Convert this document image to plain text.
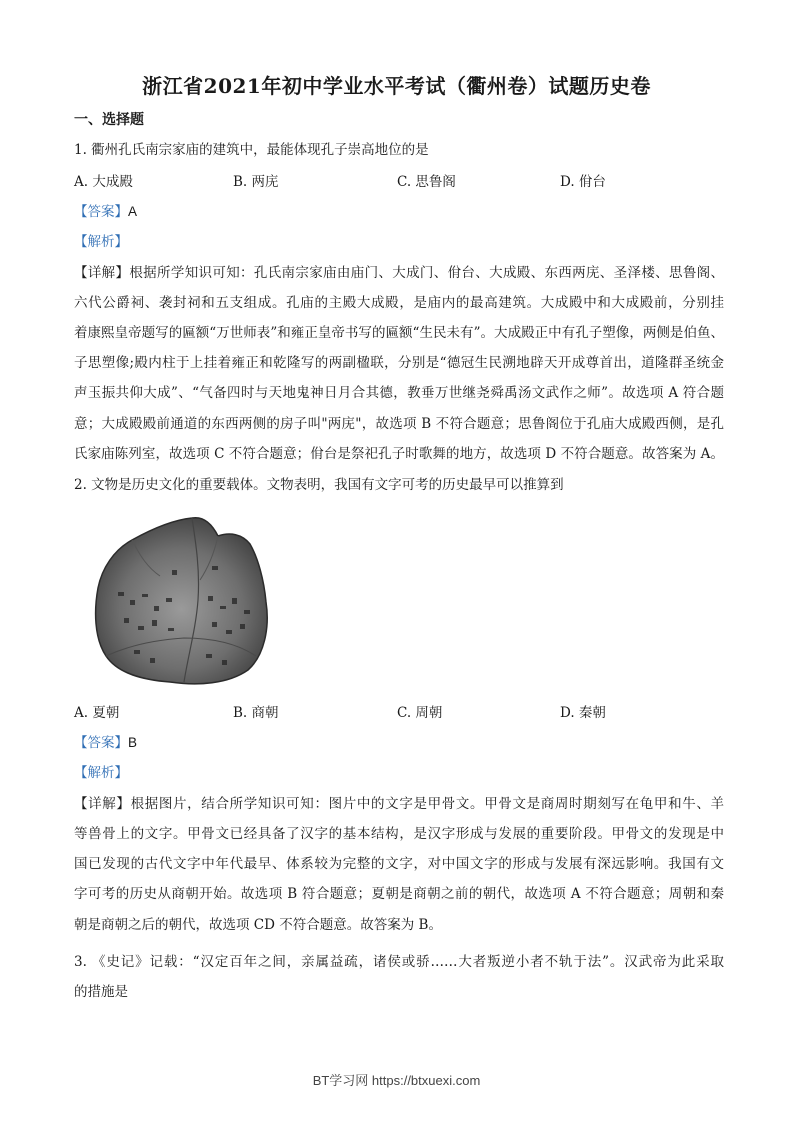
浙江省2021年初中学业水平考试（衢州卷）试题历史卷
一、选择题
1. 衢州孔氏南宗家庙的建筑中，最能体现孔子崇高地位的是
A. 大成殿	B. 两庑	C. 思鲁阁	D. 佾台
【答案】A
【解析】
【详解】根据所学知识可知：孔氏南宗家庙由庙门、大成门、佾台、大成殿、东西两庑、圣泽楼、思鲁阁、
六代公爵祠、袭封祠和五支组成。孔庙的主殿大成殿，是庙内的最高建筑。大成殿中和大成殿前，分别挂
着康熙皇帝题写的匾额“万世师表”和雍正皇帝书写的匾额“生民未有”。大成殿正中有孔子塑像，两侧是伯鱼、
子思塑像;殿内柱于上挂着雍正和乾隆写的两副楹联，分别是“德冠生民溯地辟天开成尊首出，道隆群圣统金
声玉振共仰大成”、“气备四时与天地鬼神日月合其德，教垂万世继尧舜禹汤文武作之师”。故选项 A 符合题
意；大成殿殿前通道的东西两侧的房子叫"两庑"，故选项 B 不符合题意；思鲁阁位于孔庙大成殿西侧，是孔
氏家庙陈列室，故选项 C 不符合题意；佾台是祭祀孔子时歌舞的地方，故选项 D 不符合题意。故答案为 A。
2. 文物是历史文化的重要载体。文物表明，我国有文字可考的历史最早可以推算到
A. 夏朝	B. 商朝	C. 周朝	D. 秦朝
【答案】B
【解析】
【详解】根据图片，结合所学知识可知：图片中的文字是甲骨文。甲骨文是商周时期刻写在龟甲和牛、羊
等兽骨上的文字。甲骨文已经具备了汉字的基本结构，是汉字形成与发展的重要阶段。甲骨文的发现是中
国已发现的古代文字中年代最早、体系较为完整的文字，对中国文字的形成与发展有深远影响。我国有文
字可考的历史从商朝开始。故选项 B 符合题意；夏朝是商朝之前的朝代，故选项 A 不符合题意；周朝和秦
朝是商朝之后的朝代，故选项 CD 不符合题意。故答案为 B。
3. 《史记》记载：“汉定百年之间，亲属益疏，诸侯或骄……大者叛逆小者不轨于法”。汉武帝为此采取
的措施是
BT学习网 https://btxuexi.com
